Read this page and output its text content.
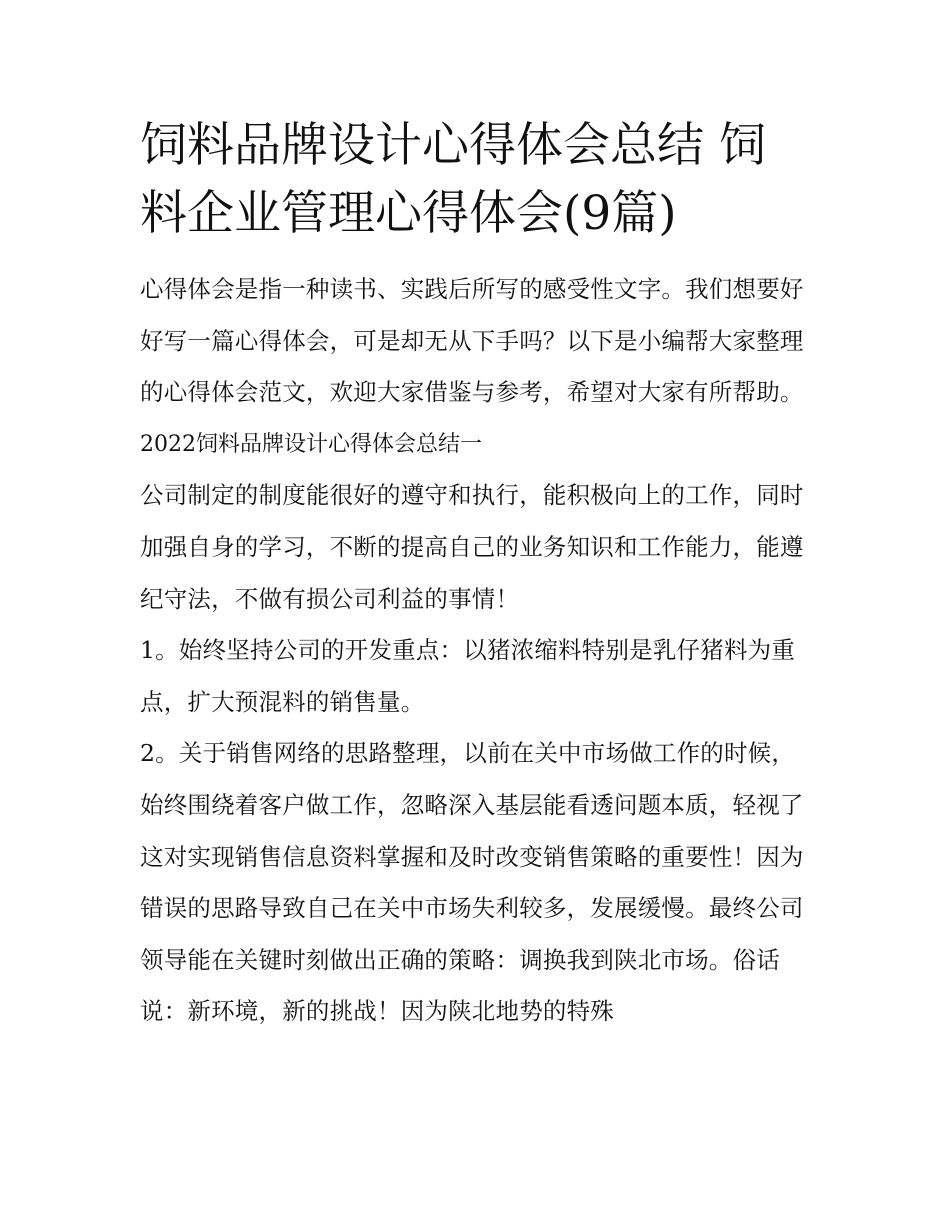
饲料品牌设计心得体会总结 饲料企业管理心得体会(9篇)

心得体会是指一种读书、实践后所写的感受性文字。我们想要好好写一篇心得体会，可是却无从下手吗？以下是小编帮大家整理的心得体会范文，欢迎大家借鉴与参考，希望对大家有所帮助。

2022饲料品牌设计心得体会总结一

公司制定的制度能很好的遵守和执行，能积极向上的工作，同时加强自身的学习，不断的提高自己的业务知识和工作能力，能遵纪守法，不做有损公司利益的事情！

1。始终坚持公司的开发重点：以猪浓缩料特别是乳仔猪料为重点，扩大预混料的销售量。

2。关于销售网络的思路整理，以前在关中市场做工作的时候，始终围绕着客户做工作，忽略深入基层能看透问题本质，轻视了这对实现销售信息资料掌握和及时改变销售策略的重要性！因为错误的思路导致自己在关中市场失利较多，发展缓慢。最终公司领导能在关键时刻做出正确的策略：调换我到陕北市场。俗话说：新环境，新的挑战！因为陕北地势的特殊
